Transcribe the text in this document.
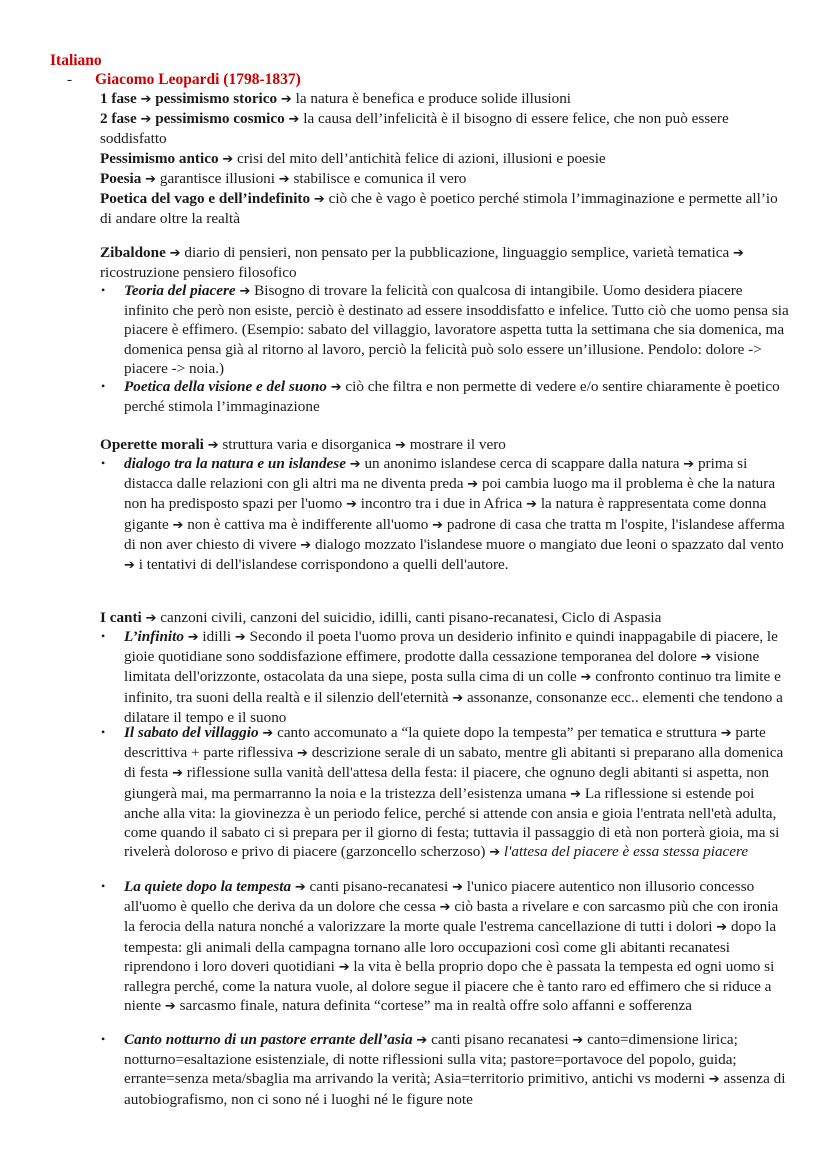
Italiano
- Giacomo Leopardi (1798-1837)

1 fase ➔ pessimismo storico ➔ la natura è benefica e produce solide illusioni

2 fase ➔ pessimismo cosmico ➔ la causa dell’infelicità è il bisogno di essere felice, che non può essere soddisfatto

Pessimismo antico ➔ crisi del mito dell’antichità felice di azioni, illusioni e poesie

Poesia ➔ garantisce illusioni ➔ stabilisce e comunica il vero

Poetica del vago e dell’indefinito ➔ ciò che è vago è poetico perché stimola l’immaginazione e permette all’io di andare oltre la realtà

Zibaldone ➔ diario di pensieri, non pensato per la pubblicazione, linguaggio semplice, varietà tematica ➔ ricostruzione pensiero filosofico

• Teoria del piacere ➔ Bisogno di trovare la felicità con qualcosa di intangibile. Uomo desidera piacere infinito che però non esiste, perciò è destinato ad essere insoddisfatto e infelice. Tutto ciò che uomo pensa sia piacere è effimero. (Esempio: sabato del villaggio, lavoratore aspetta tutta la settimana che sia domenica, ma domenica pensa già al ritorno al lavoro, perciò la felicità può solo essere un’illusione. Pendolo: dolore -> piacere -> noia.)
• Poetica della visione e del suono ➔ ciò che filtra e non permette di vedere e/o sentire chiaramente è poetico perché stimola l’immaginazione

Operette morali ➔ struttura varia e disorganica ➔ mostrare il vero

• dialogo tra la natura e un islandese ➔ un anonimo islandese cerca di scappare dalla natura ➔ prima si distacca dalle relazioni con gli altri ma ne diventa preda ➔ poi cambia luogo ma il problema è che la natura non ha predisposto spazi per l'uomo ➔ incontro tra i due in Africa ➔ la natura è rappresentata come donna gigante ➔ non è cattiva ma è indifferente all'uomo ➔ padrone di casa che tratta m l'ospite, l'islandese afferma di non aver chiesto di vivere ➔ dialogo mozzato l'islandese muore o mangiato due leoni o spazzato dal vento ➔ i tentativi di dell'islandese corrispondono a quelli dell'autore.

I canti ➔ canzoni civili, canzoni del suicidio, idilli, canti pisano-recanatesi, Ciclo di Aspasia

• L’infinito ➔ idilli ➔ Secondo il poeta l'uomo prova un desiderio infinito e quindi inappagabile di piacere, le gioie quotidiane sono soddisfazione effimere, prodotte dalla cessazione temporanea del dolore ➔ visione limitata dell'orizzonte, ostacolata da una siepe, posta sulla cima di un colle ➔ confronto continuo tra limite e infinito, tra suoni della realtà e il silenzio dell'eternità ➔ assonanze, consonanze ecc.. elementi che tendono a dilatare il tempo e il suono
• Il sabato del villaggio ➔ canto accomunato a “la quiete dopo la tempesta” per tematica e struttura ➔ parte descrittiva + parte riflessiva ➔ descrizione serale di un sabato, mentre gli abitanti si preparano alla domenica di festa ➔ riflessione sulla vanità dell'attesa della festa: il piacere, che ognuno degli abitanti si aspetta, non giungerà mai, ma permarranno la noia e la tristezza dell’esistenza umana ➔ La riflessione si estende poi anche alla vita: la giovinezza è un periodo felice, perché si attende con ansia e gioia l'entrata nell'età adulta, come quando il sabato ci si prepara per il giorno di festa; tuttavia il passaggio di età non porterà gioia, ma si rivelerà doloroso e privo di piacere (garzoncello scherzoso) ➔ l'attesa del piacere è essa stessa piacere
• La quiete dopo la tempesta ➔ canti pisano-recanatesi ➔ l'unico piacere autentico non illusorio concesso all'uomo è quello che deriva da un dolore che cessa ➔ ciò basta a rivelare e con sarcasmo più che con ironia la ferocia della natura nonché a valorizzare la morte quale l'estrema cancellazione di tutti i dolori ➔ dopo la tempesta: gli animali della campagna tornano alle loro occupazioni così come gli abitanti recanatesi riprendono i loro doveri quotidiani ➔ la vita è bella proprio dopo che è passata la tempesta ed ogni uomo si rallegra perché, come la natura vuole, al dolore segue il piacere che è tanto raro ed effimero che si riduce a niente ➔ sarcasmo finale, natura definita “cortese” ma in realtà offre solo affanni e sofferenza
• Canto notturno di un pastore errante dell’asia ➔ canti pisano recanatesi ➔ canto=dimensione lirica; notturno=esaltazione esistenziale, di notte riflessioni sulla vita; pastore=portavoce del popolo, guida; errante=senza meta/sbaglia ma arrivando la verità; Asia=territorio primitivo, antichi vs moderni ➔ assenza di autobiografismo, non ci sono né i luoghi né le figure note
